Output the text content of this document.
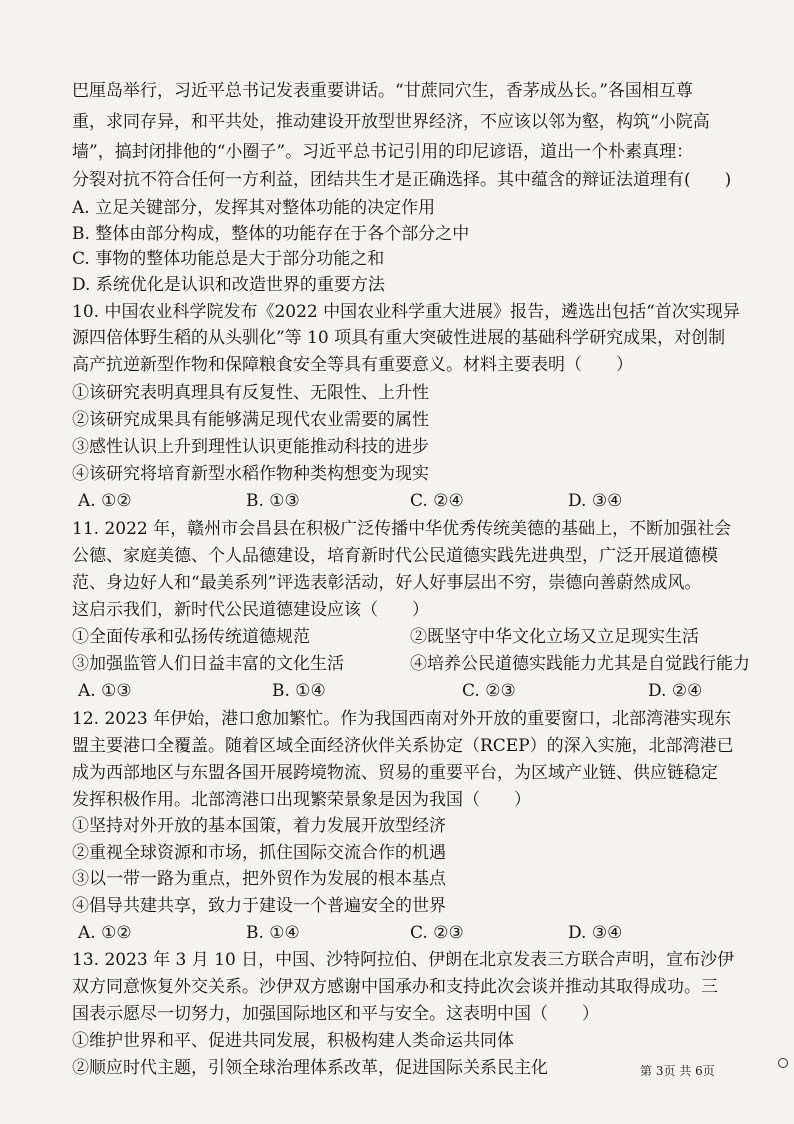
巴厘岛举行，习近平总书记发表重要讲话。“甘蔗同穴生，香茅成丛长。”各国相互尊
重，求同存异，和平共处，推动建设开放型世界经济，不应该以邻为壑，构筑“小院高
墙”，搞封闭排他的“小圈子”。习近平总书记引用的印尼谚语，道出一个朴素真理：
分裂对抗不符合任何一方利益，团结共生才是正确选择。其中蕴含的辩证法道理有(　　)
A. 立足关键部分，发挥其对整体功能的决定作用
B. 整体由部分构成，整体的功能存在于各个部分之中
C. 事物的整体功能总是大于部分功能之和
D. 系统优化是认识和改造世界的重要方法
10. 中国农业科学院发布《2022 中国农业科学重大进展》报告，遴选出包括“首次实现异
源四倍体野生稻的从头驯化”等 10 项具有重大突破性进展的基础科学研究成果，对创制
高产抗逆新型作物和保障粮食安全等具有重要意义。材料主要表明（　　）
①该研究表明真理具有反复性、无限性、上升性
②该研究成果具有能够满足现代农业需要的属性
③感性认识上升到理性认识更能推动科技的进步
④该研究将培育新型水稻作物种类构想变为现实
A. ①②	B. ①③	C. ②④	D. ③④
11. 2022 年，赣州市会昌县在积极广泛传播中华优秀传统美德的基础上，不断加强社会
公德、家庭美德、个人品德建设，培育新时代公民道德实践先进典型，广泛开展道德模
范、身边好人和“最美系列”评选表彰活动，好人好事层出不穷，崇德向善蔚然成风。
这启示我们，新时代公民道德建设应该（　　）
①全面传承和弘扬传统道德规范	②既坚守中华文化立场又立足现实生活
③加强监管人们日益丰富的文化生活	④培养公民道德实践能力尤其是自觉践行能力
A. ①③	B. ①④	C. ②③	D. ②④
12. 2023 年伊始，港口愈加繁忙。作为我国西南对外开放的重要窗口，北部湾港实现东
盟主要港口全覆盖。随着区域全面经济伙伴关系协定（RCEP）的深入实施，北部湾港已
成为西部地区与东盟各国开展跨境物流、贸易的重要平台，为区域产业链、供应链稳定
发挥积极作用。北部湾港口出现繁荣景象是因为我国（　　）
①坚持对外开放的基本国策，着力发展开放型经济
②重视全球资源和市场，抓住国际交流合作的机遇
③以一带一路为重点，把外贸作为发展的根本基点
④倡导共建共享，致力于建设一个普遍安全的世界
A. ①②	B. ①④	C. ②③	D. ③④
13. 2023 年 3 月 10 日，中国、沙特阿拉伯、伊朗在北京发表三方联合声明，宣布沙伊
双方同意恢复外交关系。沙伊双方感谢中国承办和支持此次会谈并推动其取得成功。三
国表示愿尽一切努力，加强国际地区和平与安全。这表明中国（　　）
①维护世界和平、促进共同发展，积极构建人类命运共同体
②顺应时代主题，引领全球治理体系改革，促进国际关系民主化	第 3页 共 6页
